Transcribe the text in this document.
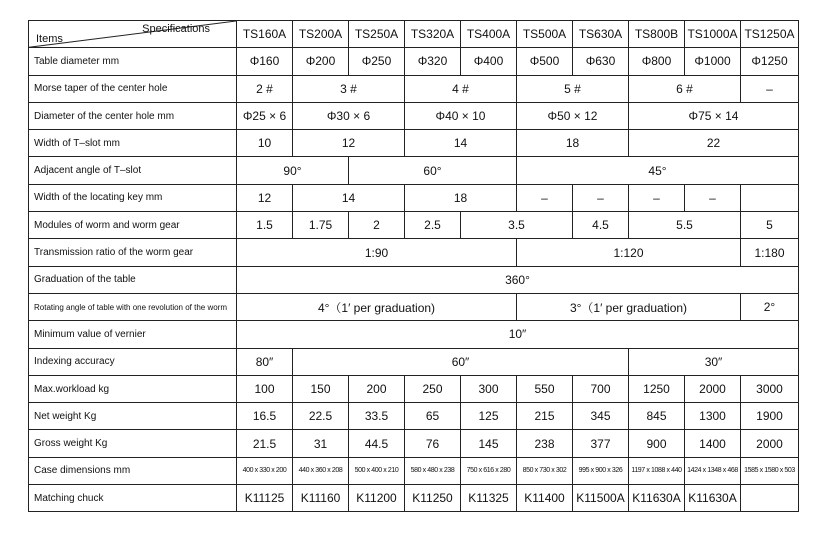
Specifications
Items	TS160A	TS200A	TS250A	TS320A	TS400A	TS500A	TS630A	TS800B	TS1000A	TS1250A
Table diameter mm	Φ160	Φ200	Φ250	Φ320	Φ400	Φ500	Φ630	Φ800	Φ1000	Φ1250
Morse taper of the center hole	2 #	3 #		4 #		5 #		6 #		–
Diameter of the center hole mm	Φ25 × 6	Φ30 × 6		Φ40 × 10		Φ50 × 12		Φ75 × 14		
Width of T–slot mm	10	12		14		18		22		
Adjacent angle of T–slot	90°		60°			45°				
Width of the locating key mm	12	14		18		–	–	–	–	
Modules of worm and worm gear	1.5	1.75	2	2.5	3.5		4.5	5.5		5
Transmission ratio of the worm gear	1:90					1:120				1:180
Graduation of the table	360°									
Rotating angle of table with one revolution of the worm	4°（1′ per graduation)					3°（1′ per graduation)				2°
Minimum value of vernier	10″									
Indexing accuracy	80″	60″						30″		
Max.workload kg	100	150	200	250	300	550	700	1250	2000	3000
Net weight Kg	16.5	22.5	33.5	65	125	215	345	845	1300	1900
Gross weight Kg	21.5	31	44.5	76	145	238	377	900	1400	2000
Case dimensions mm	400 x 330 x 200	440 x 360 x 208	500 x 400 x 210	580 x 480 x 238	750 x 616 x 280	850 x 730 x 302	995 x 900 x 326	1197 x 1088 x 440	1424 x 1348 x 468	1585 x 1580 x 503
Matching chuck	K11125	K11160	K11200	K11250	K11325	K11400	K11500A	K11630A	K11630A	
